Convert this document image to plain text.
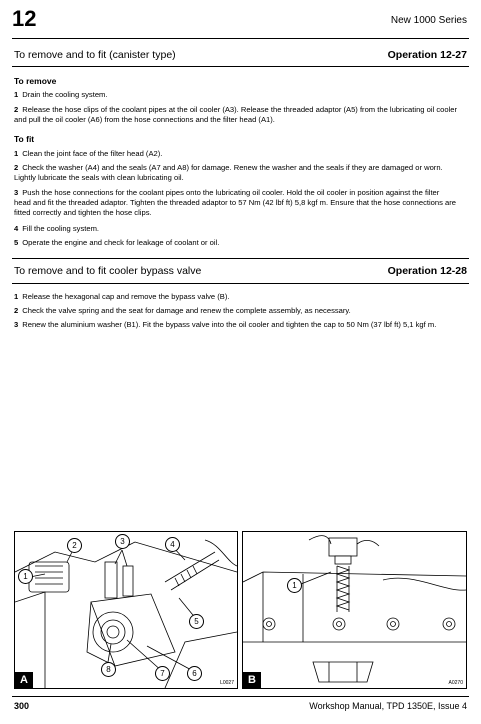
12	New 1000 Series
To remove and to fit (canister type)	Operation 12-27
To remove
1 Drain the cooling system.
2 Release the hose clips of the coolant pipes at the oil cooler (A3). Release the threaded adaptor (A5) from the lubricating oil cooler and pull the oil cooler (A6) from the hose connections and the filter head (A1).
To fit
1 Clean the joint face of the filter head (A2).
2 Check the washer (A4) and the seals (A7 and A8) for damage. Renew the washer and the seals if they are damaged or worn. Lightly lubricate the seals with clean lubricating oil.
3 Push the hose connections for the coolant pipes onto the lubricating oil cooler. Hold the oil cooler in position against the filter head and fit the threaded adaptor. Tighten the threaded adaptor to 57 Nm (42 lbf ft) 5,8 kgf m. Ensure that the hose connections are fitted correctly and tighten the hose clips.
4 Fill the cooling system.
5 Operate the engine and check for leakage of coolant or oil.
To remove and to fit cooler bypass valve	Operation 12-28
1 Release the hexagonal cap and remove the bypass valve (B).
2 Check the valve spring and the seat for damage and renew the complete assembly, as necessary.
3 Renew the aluminium washer (B1). Fit the bypass valve into the oil cooler and tighten the cap to 50 Nm (37 lbf ft) 5,1 kgf m.
1
2	3	4
5
6
7
8
A	L0027
1
B	A0270
300	Workshop Manual, TPD 1350E, Issue 4
